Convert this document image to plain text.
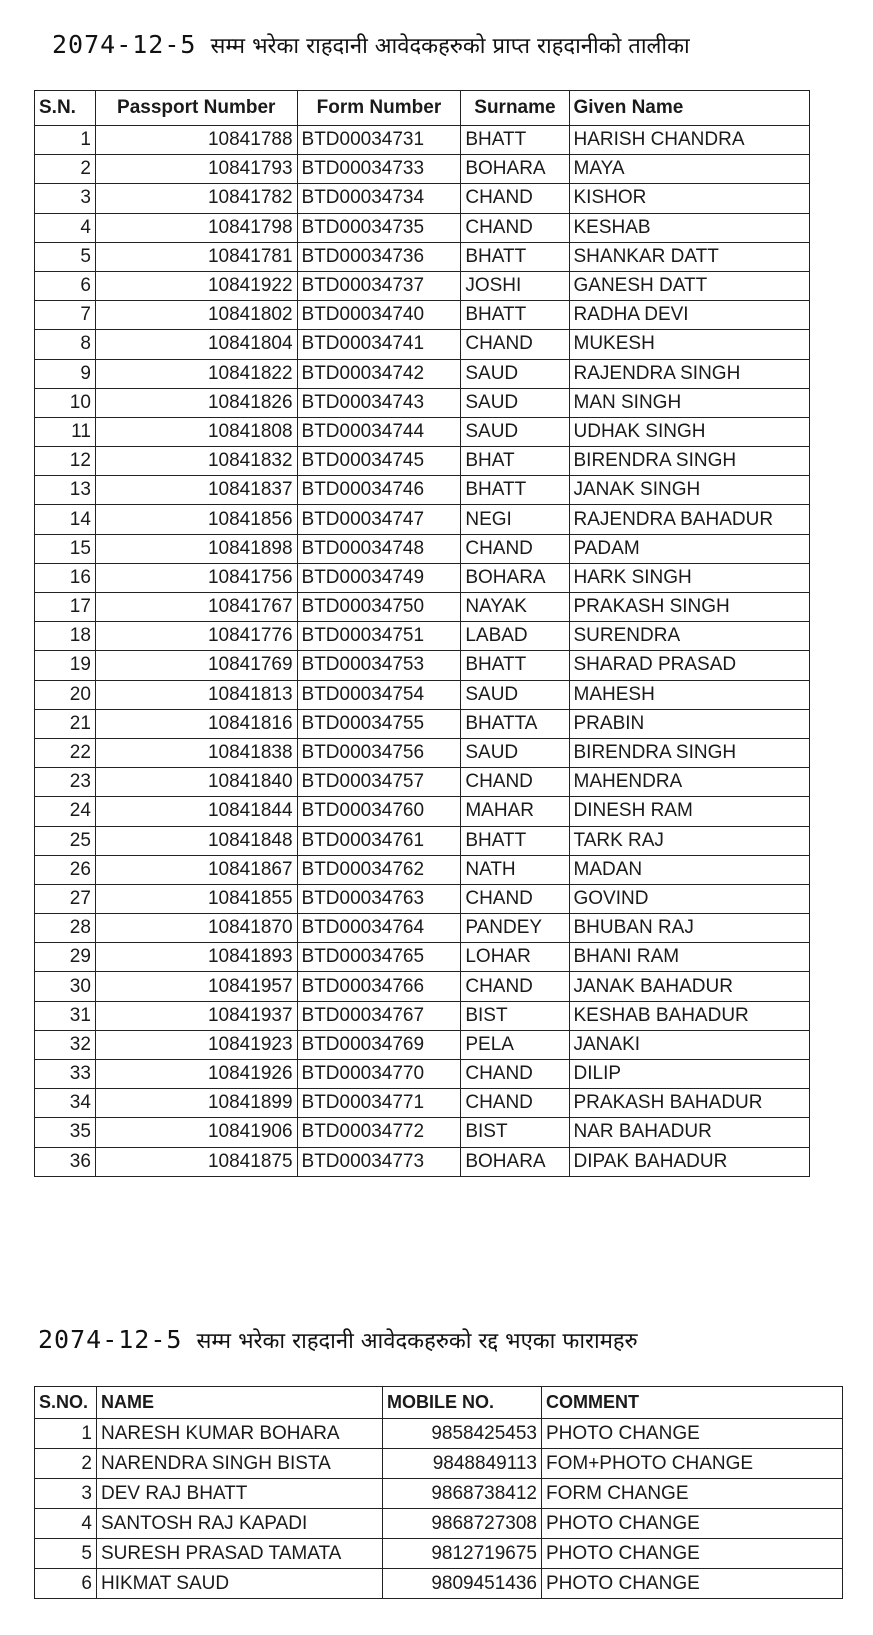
2074-12-5 सम्म भरेका राहदानी आवेदकहरुको प्राप्त राहदानीको तालीका
S.N.	Passport Number	Form Number	Surname	Given Name
1	10841788	BTD00034731	BHATT	HARISH CHANDRA
2	10841793	BTD00034733	BOHARA	MAYA
3	10841782	BTD00034734	CHAND	KISHOR
4	10841798	BTD00034735	CHAND	KESHAB
5	10841781	BTD00034736	BHATT	SHANKAR DATT
6	10841922	BTD00034737	JOSHI	GANESH DATT
7	10841802	BTD00034740	BHATT	RADHA DEVI
8	10841804	BTD00034741	CHAND	MUKESH
9	10841822	BTD00034742	SAUD	RAJENDRA SINGH
10	10841826	BTD00034743	SAUD	MAN SINGH
11	10841808	BTD00034744	SAUD	UDHAK SINGH
12	10841832	BTD00034745	BHAT	BIRENDRA SINGH
13	10841837	BTD00034746	BHATT	JANAK SINGH
14	10841856	BTD00034747	NEGI	RAJENDRA BAHADUR
15	10841898	BTD00034748	CHAND	PADAM
16	10841756	BTD00034749	BOHARA	HARK SINGH
17	10841767	BTD00034750	NAYAK	PRAKASH SINGH
18	10841776	BTD00034751	LABAD	SURENDRA
19	10841769	BTD00034753	BHATT	SHARAD PRASAD
20	10841813	BTD00034754	SAUD	MAHESH
21	10841816	BTD00034755	BHATTA	PRABIN
22	10841838	BTD00034756	SAUD	BIRENDRA SINGH
23	10841840	BTD00034757	CHAND	MAHENDRA
24	10841844	BTD00034760	MAHAR	DINESH RAM
25	10841848	BTD00034761	BHATT	TARK RAJ
26	10841867	BTD00034762	NATH	MADAN
27	10841855	BTD00034763	CHAND	GOVIND
28	10841870	BTD00034764	PANDEY	BHUBAN RAJ
29	10841893	BTD00034765	LOHAR	BHANI RAM
30	10841957	BTD00034766	CHAND	JANAK BAHADUR
31	10841937	BTD00034767	BIST	KESHAB BAHADUR
32	10841923	BTD00034769	PELA	JANAKI
33	10841926	BTD00034770	CHAND	DILIP
34	10841899	BTD00034771	CHAND	PRAKASH BAHADUR
35	10841906	BTD00034772	BIST	NAR BAHADUR
36	10841875	BTD00034773	BOHARA	DIPAK BAHADUR
2074-12-5 सम्म भरेका राहदानी आवेदकहरुको रद्द भएका फारामहरु
S.NO.	NAME	MOBILE NO.	COMMENT
1	NARESH KUMAR BOHARA	9858425453	PHOTO CHANGE
2	NARENDRA SINGH BISTA	9848849113	FOM+PHOTO CHANGE
3	DEV RAJ BHATT	9868738412	FORM CHANGE
4	SANTOSH RAJ KAPADI	9868727308	PHOTO CHANGE
5	SURESH PRASAD TAMATA	9812719675	PHOTO CHANGE
6	HIKMAT SAUD	9809451436	PHOTO CHANGE
